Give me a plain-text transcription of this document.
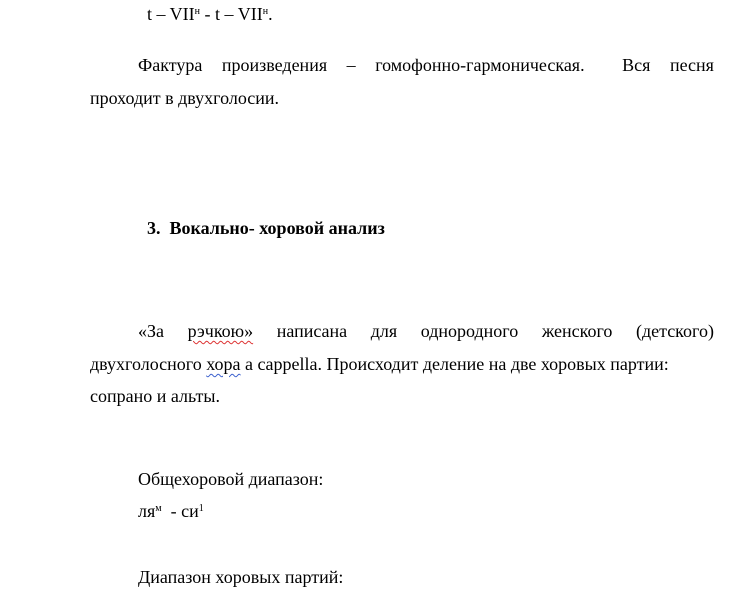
t – $VII^н$ - t – $VII^н$.
Фактура произведения – гомофонно-гармоническая. Вся песня
проходит в двухголосии.
3. Вокально- хоровой анализ
«За рэчкою» написана для однородного женского (детского)
двухголосного хора а cappella. Происходит деление на две хоровых партии:
сопрано и альты.
Общехоровой диапазон:
$ля^м - си^1$
Диапазон хоровых партий:
